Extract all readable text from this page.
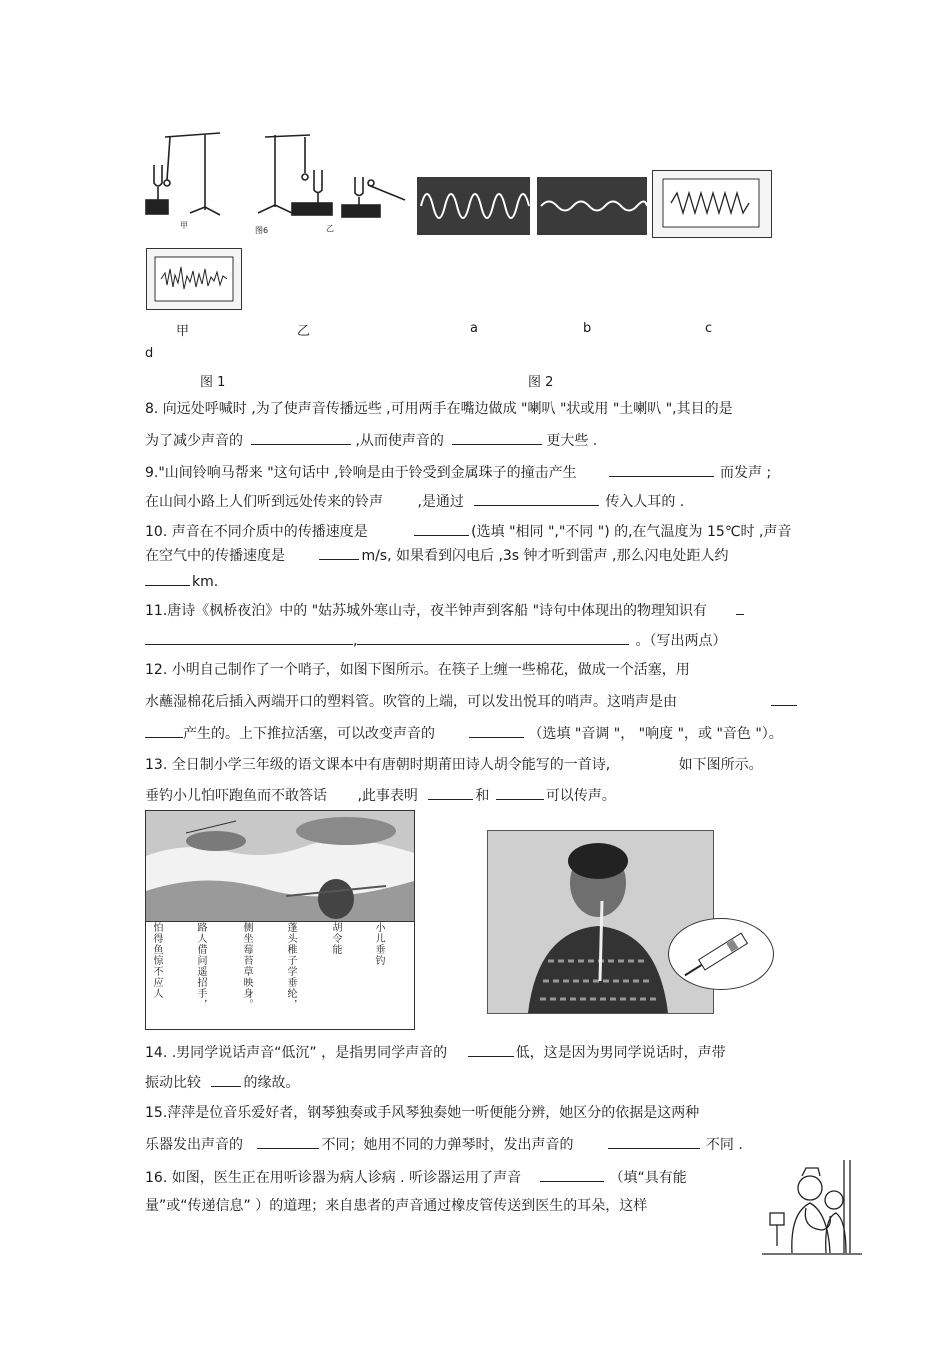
甲
图6	乙
甲	乙	a	b	c
d
图 1	图 2
8. 向远处呼喊时 ,为了使声音传播远些 ,可用两手在嘴边做成 "喇叭 "状或用 "土喇叭 ",其目的是
为了减少声音的	,从而使声音的	更大些 .
9."山间铃响马帮来 "这句话中 ,铃响是由于铃受到金属珠子的撞击产生	而发声 ;
在山间小路上人们听到远处传来的铃声 ,是通过	传入人耳的 .
10. 声音在不同介质中的传播速度是	(选填 "相同 ","不同 ") 的,在气温度为 15℃时 ,声音
在空气中的传播速度是	m/s, 如果看到闪电后 ,3s 钟才听到雷声 ,那么闪电处距人约
km.
11.唐诗《枫桥夜泊》中的 "姑苏城外寒山寺，夜半钟声到客船 "诗句中体现出的物理知识有
,	。（写出两点）
12. 小明自己制作了一个哨子，如图下图所示。在筷子上缠一些棉花，做成一个活塞，用
水蘸湿棉花后插入两端开口的塑料管。吹管的上端，可以发出悦耳的哨声。这哨声是由
产生的。上下推拉活塞，可以改变声音的	（选填 "音调 "， "响度 "，或 "音色 "）。
13. 全日制小学三年级的语文课本中有唐朝时期莆田诗人胡令能写的一首诗,	如下图所示。
垂钓小儿怕吓跑鱼而不敢答话 ,此事表明	和	可以传声。
小儿垂钓
胡令能
蓬头稚子学垂纶，
侧坐莓苔草映身。
路人借问遥招手，
怕得鱼惊不应人
14. .男同学说话声音“低沉” ，是指男同学声音的	低，这是因为男同学说话时，声带
振动比较	的缘故。
15.萍萍是位音乐爱好者，钢琴独奏或手风琴独奏她一听便能分辨，她区分的依据是这两种
乐器发出声音的	不同；她用不同的力弹琴时，发出声音的	不同 .
16. 如图，医生正在用听诊器为病人诊病 . 听诊器运用了声音	（填“具有能
量”或“传递信息” ）的道理；来自患者的声音通过橡皮管传送到医生的耳朵，这样
